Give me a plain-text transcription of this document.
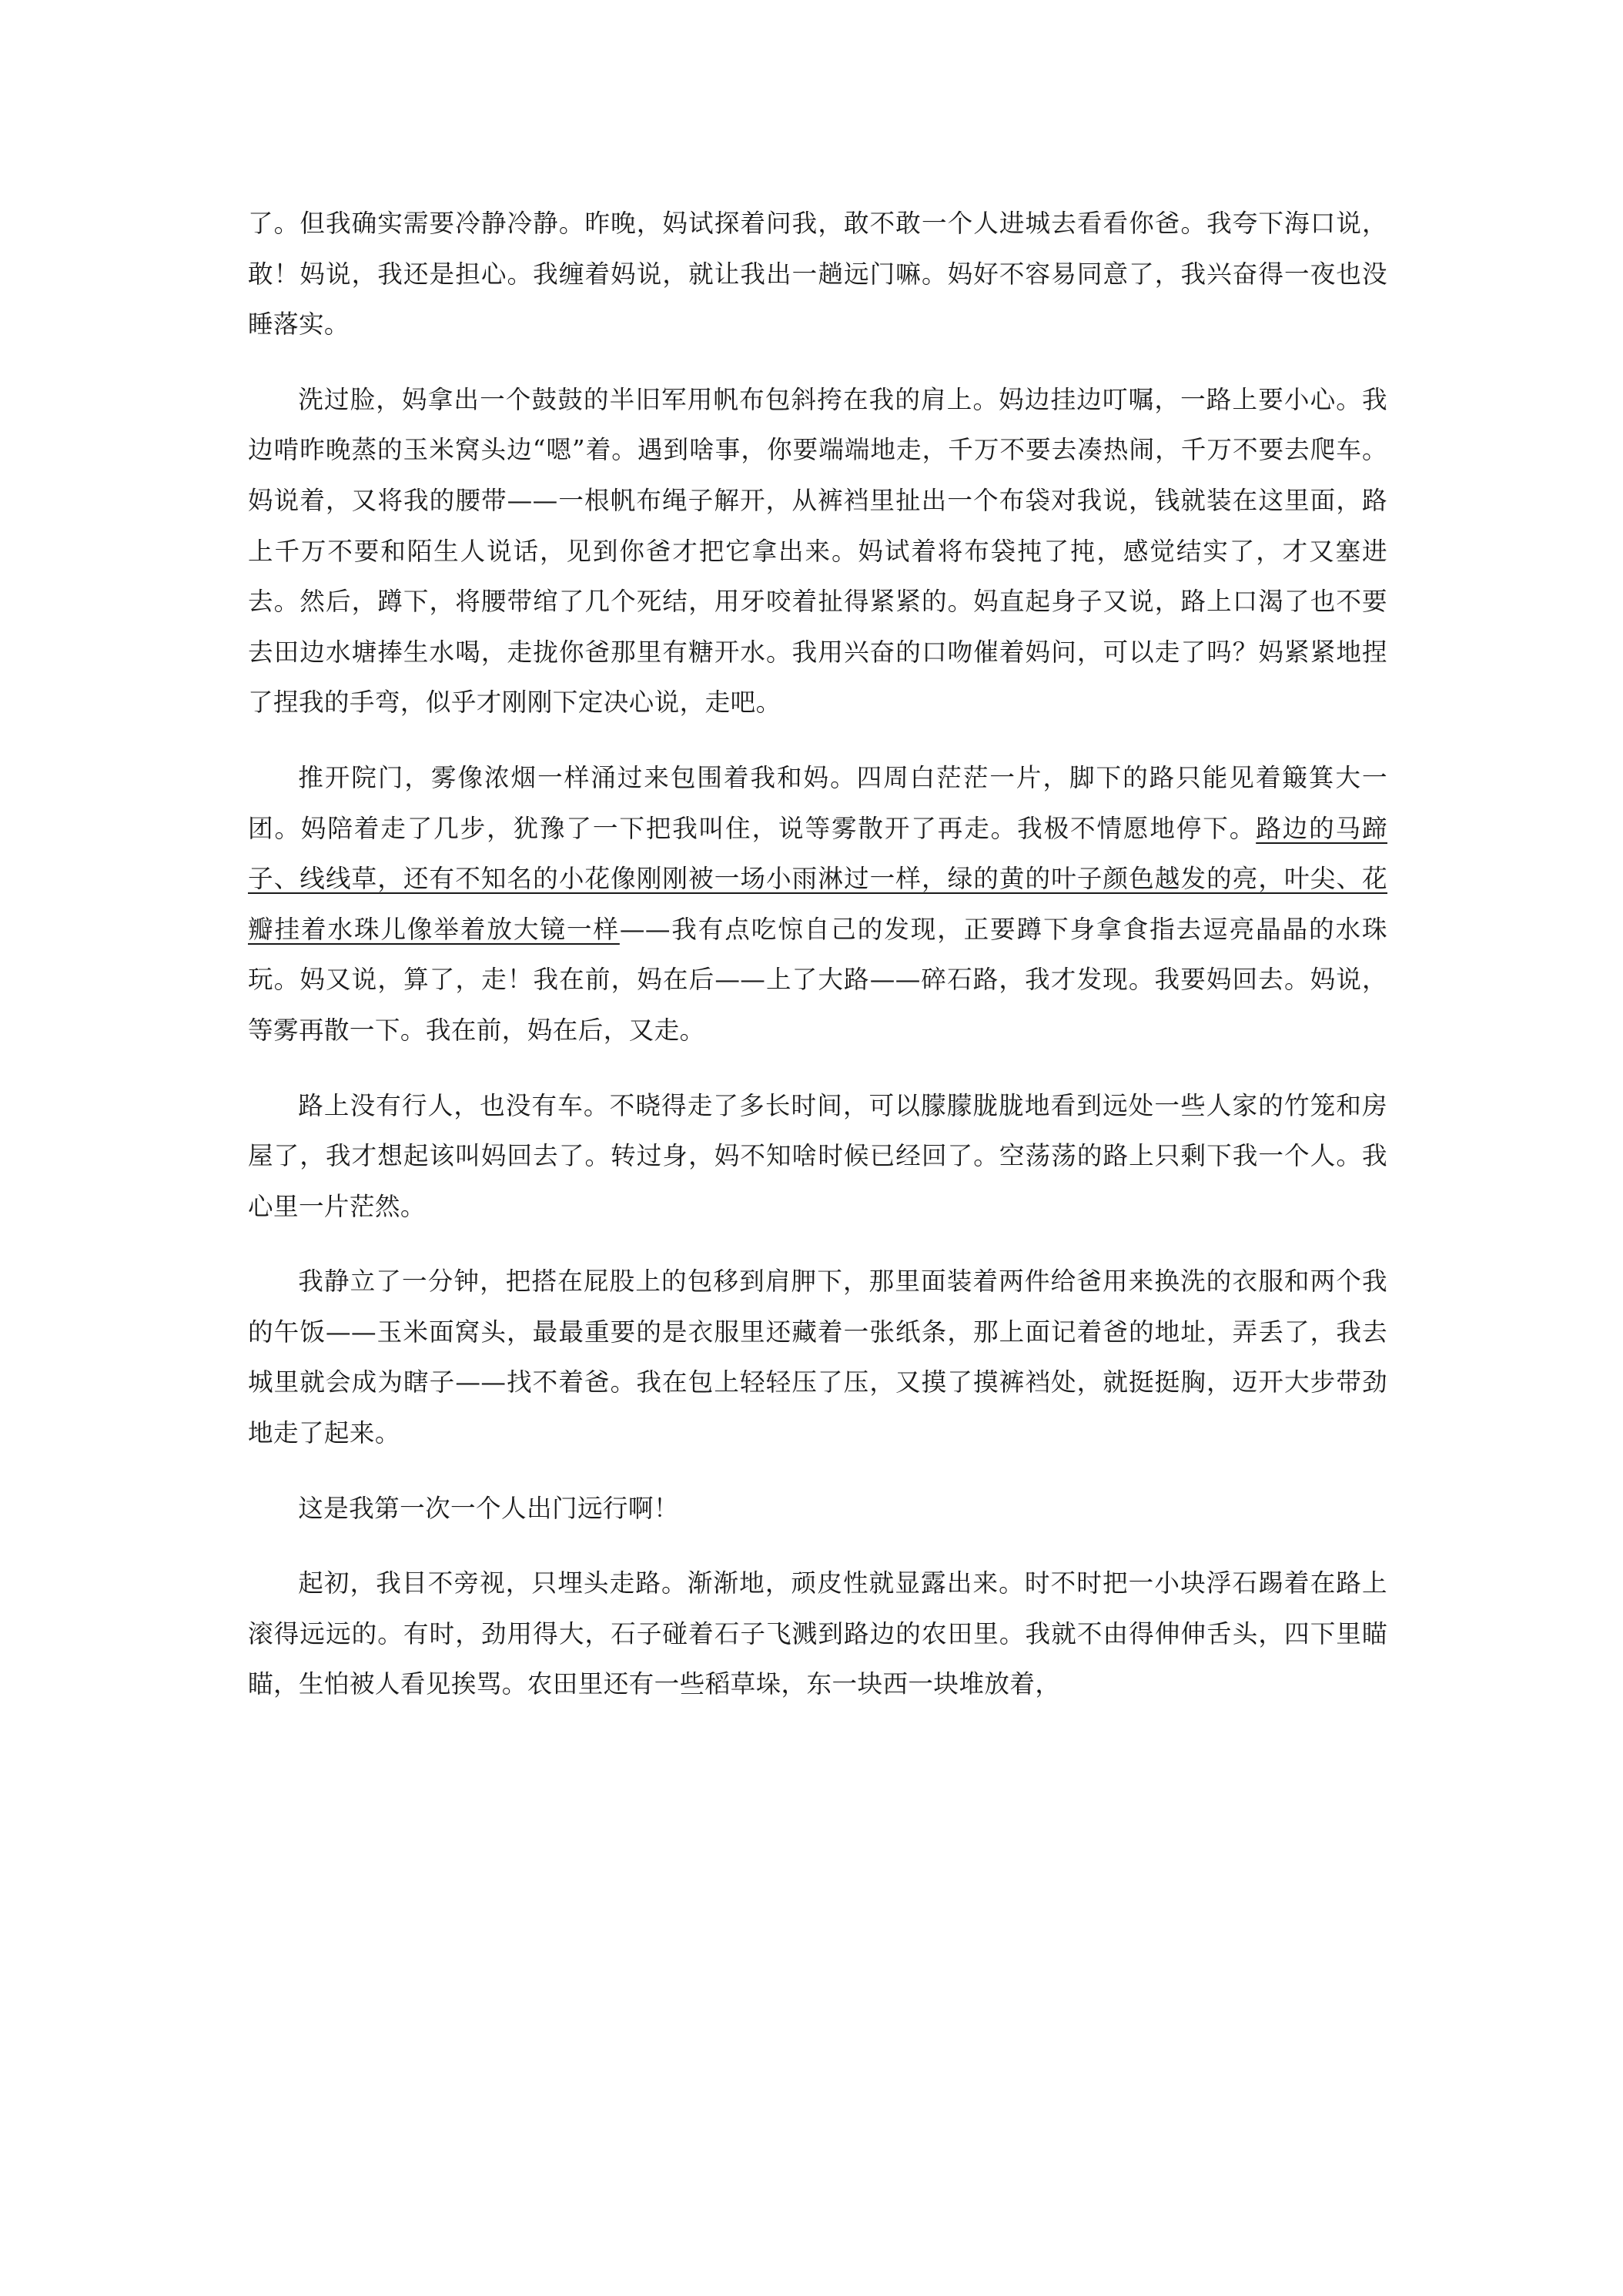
了。但我确实需要冷静冷静。昨晚，妈试探着问我，敢不敢一个人进城去看看你爸。我夸下海口说，敢！妈说，我还是担心。我缠着妈说，就让我出一趟远门嘛。妈好不容易同意了，我兴奋得一夜也没睡落实。

洗过脸，妈拿出一个鼓鼓的半旧军用帆布包斜挎在我的肩上。妈边挂边叮嘱，一路上要小心。我边啃昨晚蒸的玉米窝头边“嗯”着。遇到啥事，你要端端地走，千万不要去凑热闹，千万不要去爬车。妈说着，又将我的腰带——一根帆布绳子解开，从裤裆里扯出一个布袋对我说，钱就装在这里面，路上千万不要和陌生人说话，见到你爸才把它拿出来。妈试着将布袋扽了扽，感觉结实了，才又塞进去。然后，蹲下，将腰带绾了几个死结，用牙咬着扯得紧紧的。妈直起身子又说，路上口渴了也不要去田边水塘捧生水喝，走拢你爸那里有糖开水。我用兴奋的口吻催着妈问，可以走了吗？妈紧紧地捏了捏我的手弯，似乎才刚刚下定决心说，走吧。

推开院门，雾像浓烟一样涌过来包围着我和妈。四周白茫茫一片，脚下的路只能见着簸箕大一团。妈陪着走了几步，犹豫了一下把我叫住，说等雾散开了再走。我极不情愿地停下。路边的马蹄子、线线草，还有不知名的小花像刚刚被一场小雨淋过一样，绿的黄的叶子颜色越发的亮，叶尖、花瓣挂着水珠儿像举着放大镜一样——我有点吃惊自己的发现，正要蹲下身拿食指去逗亮晶晶的水珠玩。妈又说，算了，走！我在前，妈在后——上了大路——碎石路，我才发现。我要妈回去。妈说，等雾再散一下。我在前，妈在后，又走。

路上没有行人，也没有车。不晓得走了多长时间，可以朦朦胧胧地看到远处一些人家的竹笼和房屋了，我才想起该叫妈回去了。转过身，妈不知啥时候已经回了。空荡荡的路上只剩下我一个人。我心里一片茫然。

我静立了一分钟，把搭在屁股上的包移到肩胛下，那里面装着两件给爸用来换洗的衣服和两个我的午饭——玉米面窝头，最最重要的是衣服里还藏着一张纸条，那上面记着爸的地址，弄丢了，我去城里就会成为瞎子——找不着爸。我在包上轻轻压了压，又摸了摸裤裆处，就挺挺胸，迈开大步带劲地走了起来。

这是我第一次一个人出门远行啊！

起初，我目不旁视，只埋头走路。渐渐地，顽皮性就显露出来。时不时把一小块浮石踢着在路上滚得远远的。有时，劲用得大，石子碰着石子飞溅到路边的农田里。我就不由得伸伸舌头，四下里瞄瞄，生怕被人看见挨骂。农田里还有一些稻草垛，东一块西一块堆放着，
